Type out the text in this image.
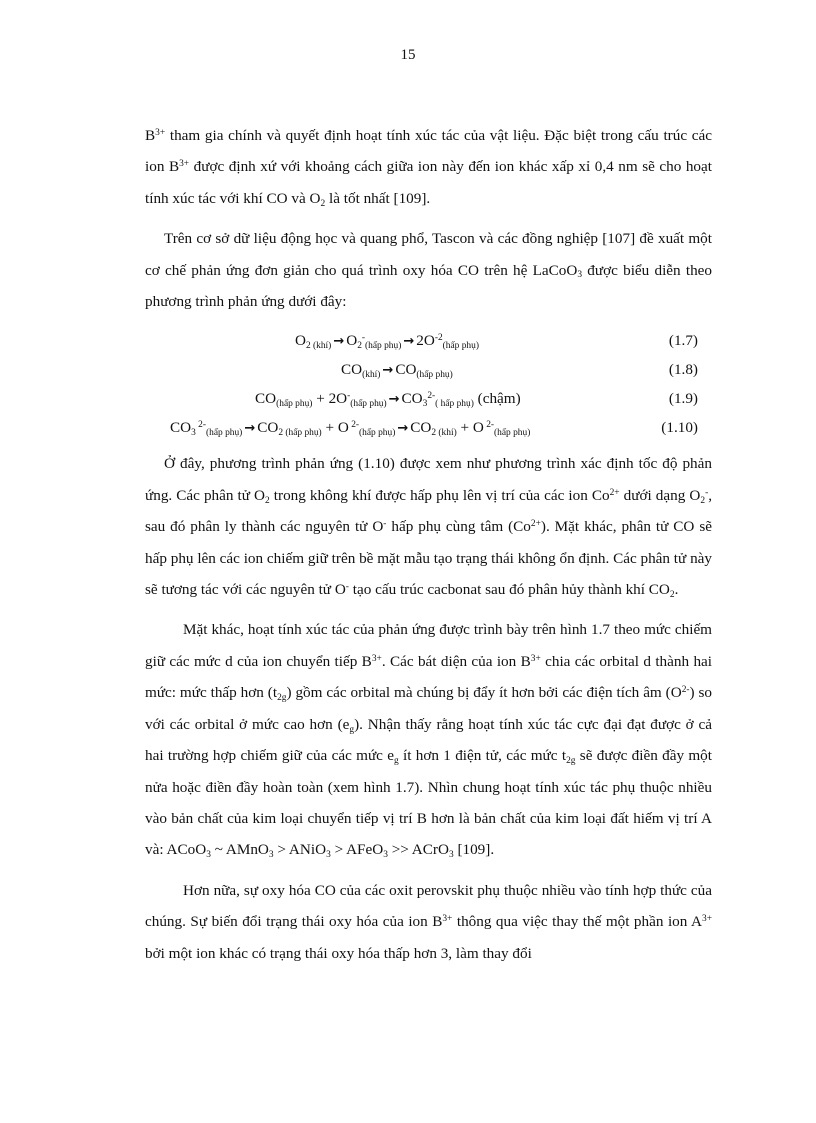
15

$B^{3+}$ tham gia chính và quyết định hoạt tính xúc tác của vật liệu. Đặc biệt trong cấu trúc các ion $B^{3+}$ được định xứ với khoảng cách giữa ion này đến ion khác xấp xỉ 0,4 nm sẽ cho hoạt tính xúc tác với khí CO và $O_2$ là tốt nhất [109].

Trên cơ sở dữ liệu động học và quang phổ, Tascon và các đồng nghiệp [107] đề xuất một cơ chế phản ứng đơn giản cho quá trình oxy hóa CO trên hệ LaCoO$_3$ được biểu diễn theo phương trình phản ứng dưới đây:

O2 (khí) → O2-(hấp phụ) → $2O^{-2}(hấp$ phụ)	(1.7)
CO(khí) → CO(hấp phụ)	(1.8)
CO(hấp phụ) + 2O-(hấp phụ) → $CO3^{2-}$( hấp phụ) (chậm)	(1.9)
CO3 $^{2-}$(hấp phụ) → CO2 (hấp phụ) + O $^{2-}$(hấp phụ) → CO2 (khí) + O $^{2-}$(hấp phụ)	(1.10)

Ở đây, phương trình phản ứng (1.10) được xem như phương trình xác định tốc độ phản ứng. Các phân tử $O_2$ trong không khí được hấp phụ lên vị trí của các ion $Co^{2+}$ dưới dạng $O_2^-$, sau đó phân ly thành các nguyên tử O- hấp phụ cùng tâm $(Co^{2+})$. Mặt khác, phân tử CO sẽ hấp phụ lên các ion chiếm giữ trên bề mặt mẫu tạo trạng thái không ổn định. Các phân tử này sẽ tương tác với các nguyên tử O- tạo cấu trúc cacbonat sau đó phân hủy thành khí $CO_2$.

Mặt khác, hoạt tính xúc tác của phản ứng được trình bày trên hình 1.7 theo mức chiếm giữ các mức d của ion chuyển tiếp $B^{3+}$. Các bát diện của ion $B^{3+}$ chia các orbital d thành hai mức: mức thấp hơn $(t_{2g})$ gồm các orbital mà chúng bị đẩy ít hơn bởi các điện tích âm $(O^{2-})$ so với các orbital ở mức cao hơn $(e_g)$. Nhận thấy rằng hoạt tính xúc tác cực đại đạt được ở cả hai trường hợp chiếm giữ của các mức $e_g$ ít hơn 1 điện tử, các mức $t_{2g}$ sẽ được điền đầy một nửa hoặc điền đầy hoàn toàn (xem hình 1.7). Nhìn chung hoạt tính xúc tác phụ thuộc nhiều vào bản chất của kim loại chuyển tiếp vị trí B hơn là bản chất của kim loại đất hiếm vị trí A và: ACoO$_3$ ~ AMnO$_3$ > ANiO$_3$ > AFeO$_3$ >> ACrO$_3$ [109].

Hơn nữa, sự oxy hóa CO của các oxit perovskit phụ thuộc nhiều vào tính hợp thức của chúng. Sự biến đổi trạng thái oxy hóa của ion $B^{3+}$ thông qua việc thay thế một phần ion $A^{3+}$ bởi một ion khác có trạng thái oxy hóa thấp hơn 3, làm thay đổi
